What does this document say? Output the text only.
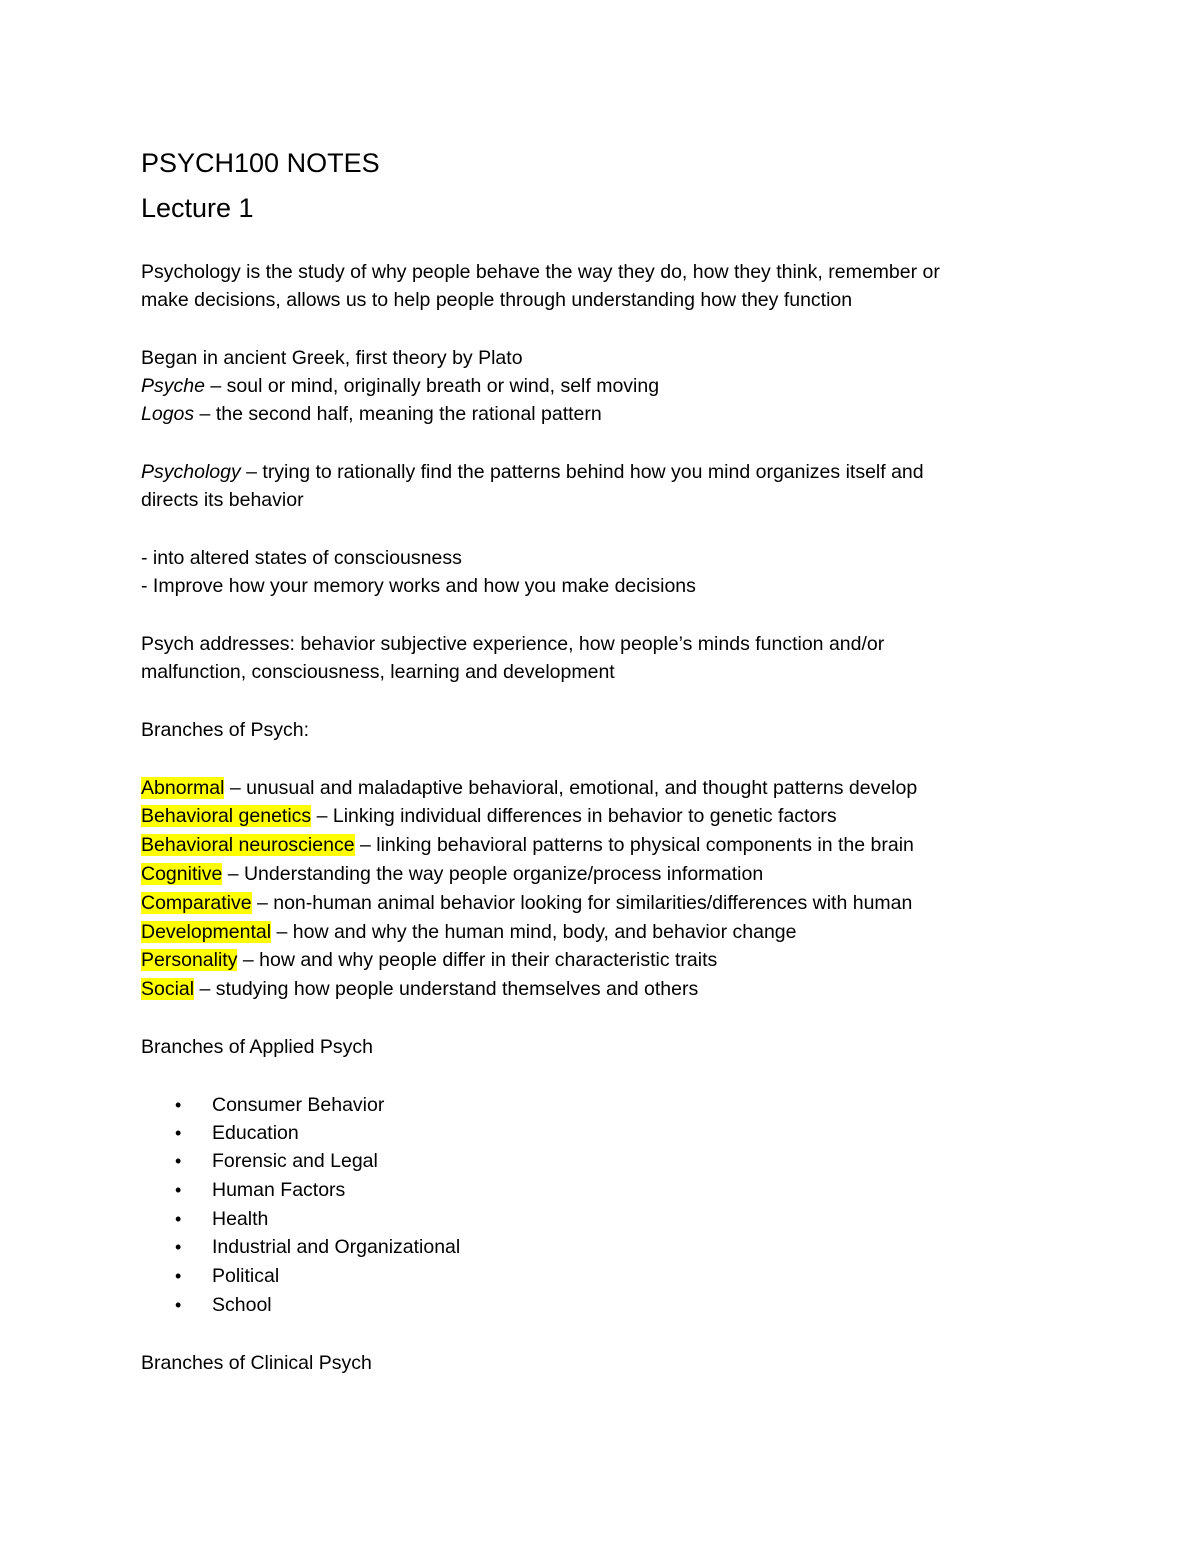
PSYCH100 NOTES
Lecture 1
Psychology is the study of why people behave the way they do, how they think, remember or
make decisions, allows us to help people through understanding how they function
Began in ancient Greek, first theory by Plato
Psyche – soul or mind, originally breath or wind, self moving
Logos – the second half, meaning the rational pattern
Psychology – trying to rationally find the patterns behind how you mind organizes itself and
directs its behavior
- into altered states of consciousness
- Improve how your memory works and how you make decisions
Psych addresses: behavior subjective experience, how people’s minds function and/or
malfunction, consciousness, learning and development
Branches of Psych:
Abnormal – unusual and maladaptive behavioral, emotional, and thought patterns develop
Behavioral genetics – Linking individual differences in behavior to genetic factors
Behavioral neuroscience – linking behavioral patterns to physical components in the brain
Cognitive – Understanding the way people organize/process information
Comparative – non-human animal behavior looking for similarities/differences with human
Developmental – how and why the human mind, body, and behavior change
Personality – how and why people differ in their characteristic traits
Social – studying how people understand themselves and others
Branches of Applied Psych
• Consumer Behavior
• Education
• Forensic and Legal
• Human Factors
• Health
• Industrial and Organizational
• Political
• School
Branches of Clinical Psych
